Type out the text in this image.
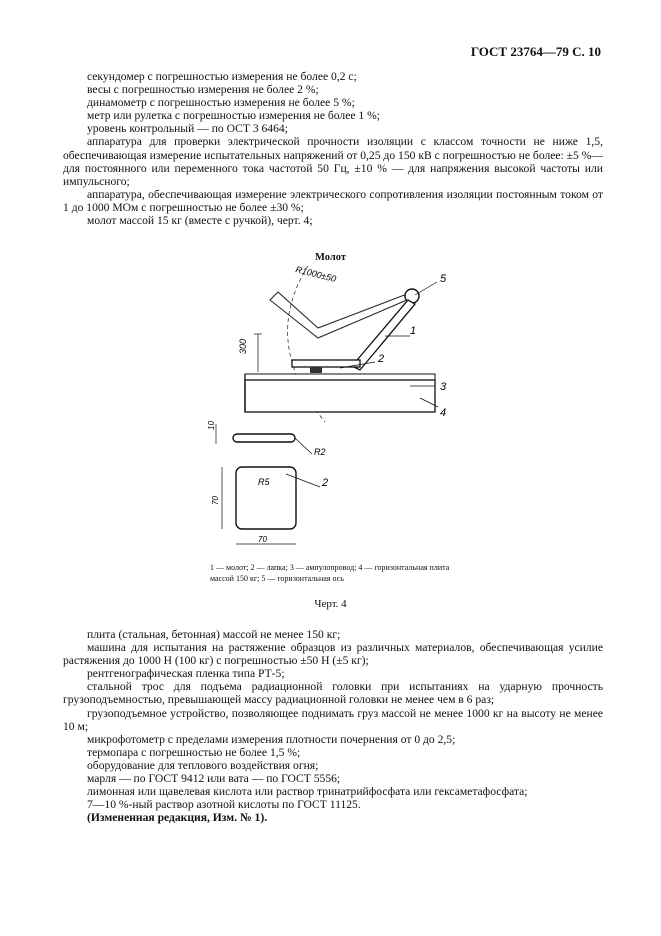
ГОСТ 23764—79 С. 10

секундомер с погрешностью измерения не более 0,2 с;

весы с погрешностью измерения не более 2 %;

динамометр с погрешностью измерения не более 5 %;

метр или рулетка с погрешностью измерения не более 1 %;

уровень контрольный — по ОСТ 3 6464;

аппаратура для проверки электрической прочности изоляции с классом точности не ниже 1,5, обеспечивающая измерение испытательных напряжений от 0,25 до 150 кВ с погрешностью не более: ±5 %— для постоянного или переменного тока частотой 50 Гц, ±10 % — для напряжения высокой частоты или импульсного;

аппаратура, обеспечивающая измерение электрического сопротивления изоляции постоянным током от 1 до 1000 МОм с погрешностью не более ±30 %;

молот массой 15 кг (вместе с ручкой), черт. 4;

Молот
300
R1000±50	5
1
2
3
4
10
R2
R5	2
70
70
1 — молот; 2 — лапка; 3 — ампулопровод; 4 — горизонтальная плита массой 150 кг; 5 — горизонтальная ось
Черт. 4

плита (стальная, бетонная) массой не менее 150 кг;

машина для испытания на растяжение образцов из различных материалов, обеспечивающая усилие растяжения до 1000 Н (100 кг) с погрешностью ±50 Н (±5 кг);

рентгенографическая пленка типа РТ-5;

стальной трос для подъема радиационной головки при испытаниях на ударную прочность грузоподъемностью, превышающей массу радиационной головки не менее чем в 6 раз;

грузоподъемное устройство, позволяющее поднимать груз массой не менее 1000 кг на высоту не менее 10 м;

микрофотометр с пределами измерения плотности почернения от 0 до 2,5;

термопара с погрешностью не более 1,5 %;

оборудование для теплового воздействия огня;

марля — по ГОСТ 9412 или вата — по ГОСТ 5556;

лимонная или щавелевая кислота или раствор тринатрийфосфата или гексаметафосфата;

7—10 %-ный раствор азотной кислоты по ГОСТ 11125.

(Измененная редакция, Изм. № 1).
